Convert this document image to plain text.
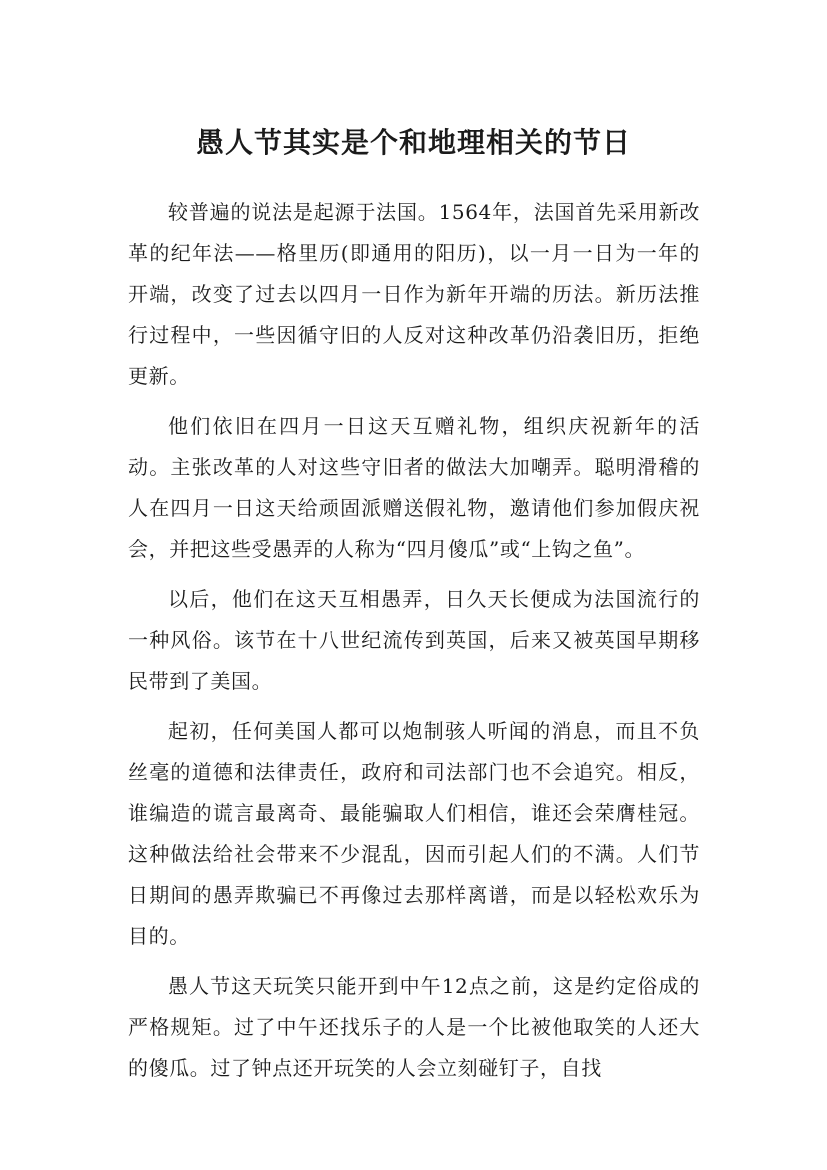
愚人节其实是个和地理相关的节日

较普遍的说法是起源于法国。1564年，法国首先采用新改革的纪年法——格里历(即通用的阳历)，以一月一日为一年的开端，改变了过去以四月一日作为新年开端的历法。新历法推行过程中，一些因循守旧的人反对这种改革仍沿袭旧历，拒绝更新。

他们依旧在四月一日这天互赠礼物，组织庆祝新年的活动。主张改革的人对这些守旧者的做法大加嘲弄。聪明滑稽的人在四月一日这天给顽固派赠送假礼物，邀请他们参加假庆祝会，并把这些受愚弄的人称为“四月傻瓜”或“上钩之鱼”。

以后，他们在这天互相愚弄，日久天长便成为法国流行的一种风俗。该节在十八世纪流传到英国，后来又被英国早期移民带到了美国。

起初，任何美国人都可以炮制骇人听闻的消息，而且不负丝毫的道德和法律责任，政府和司法部门也不会追究。相反，谁编造的谎言最离奇、最能骗取人们相信，谁还会荣膺桂冠。这种做法给社会带来不少混乱，因而引起人们的不满。人们节日期间的愚弄欺骗已不再像过去那样离谱，而是以轻松欢乐为目的。

愚人节这天玩笑只能开到中午12点之前，这是约定俗成的严格规矩。过了中午还找乐子的人是一个比被他取笑的人还大的傻瓜。过了钟点还开玩笑的人会立刻碰钉子，自找
